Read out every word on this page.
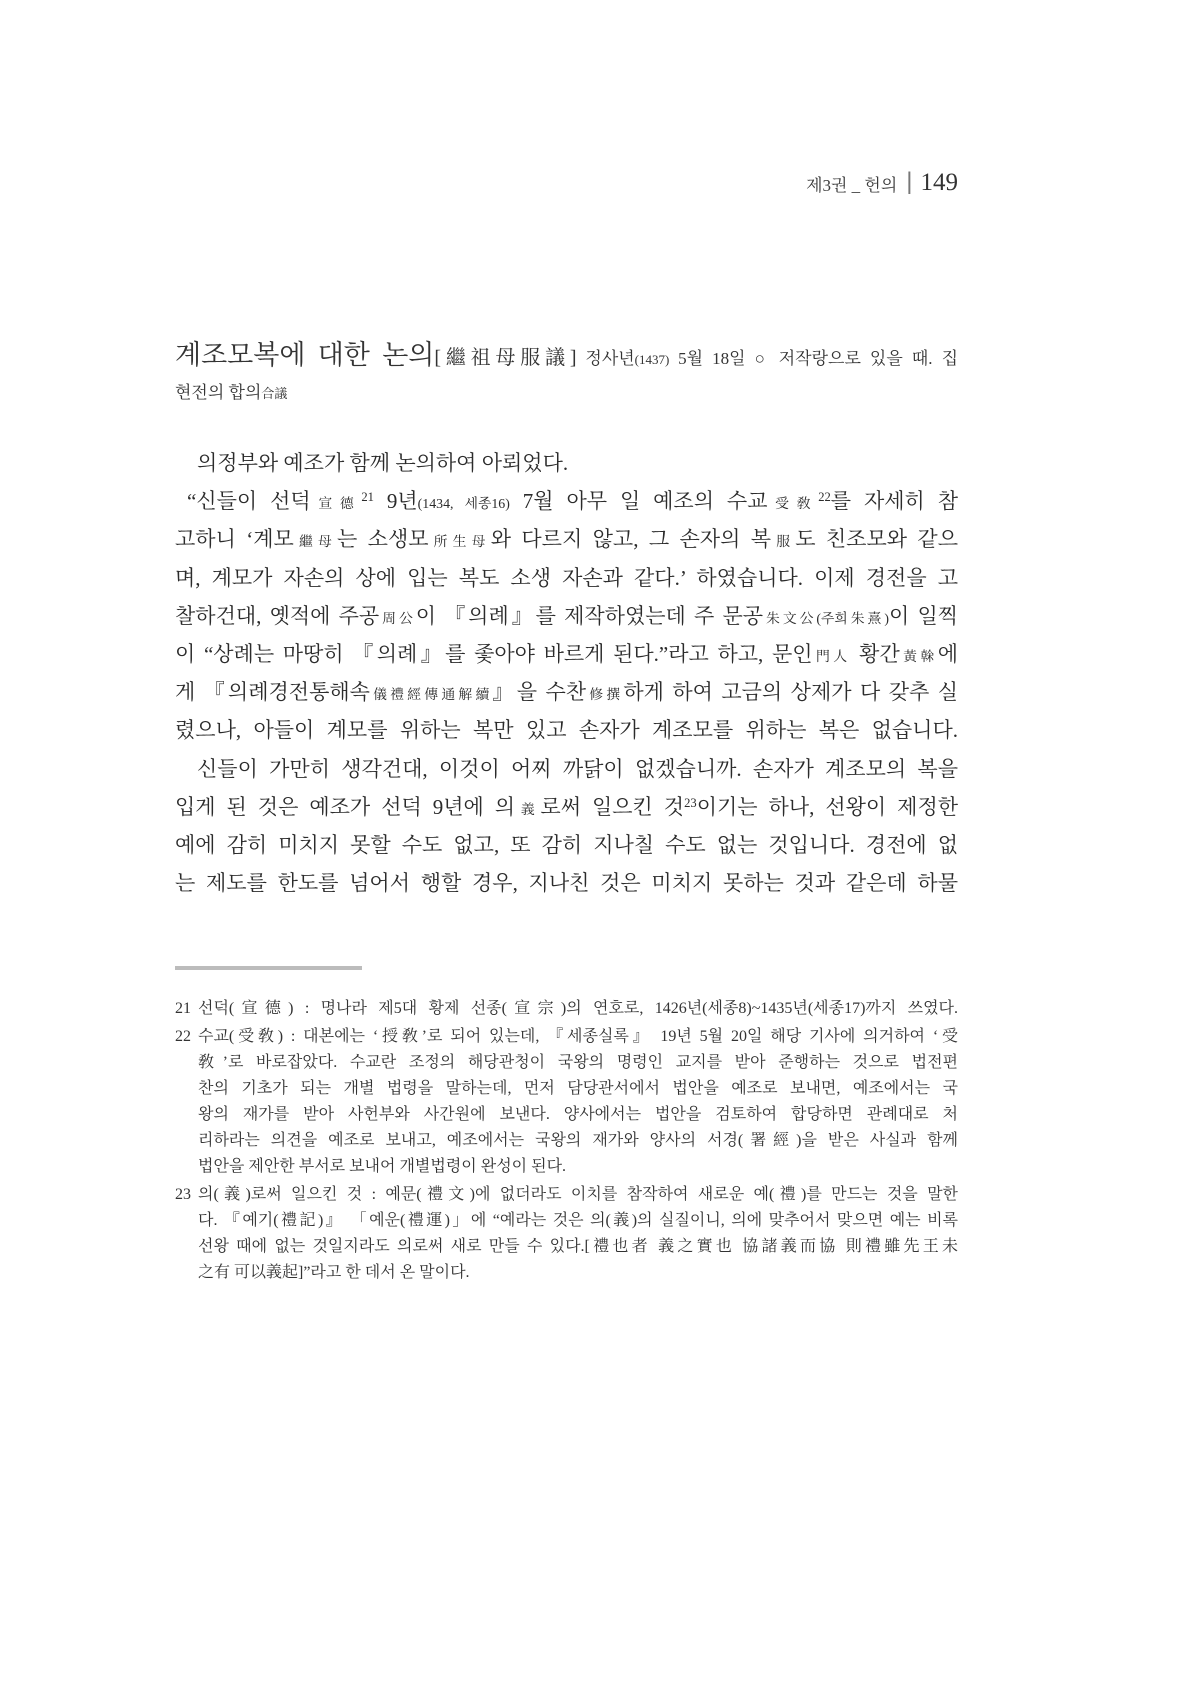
제3권 _ 헌의 | 149
계조모복에 대한 논의[繼祖母服議] 정사년(1437) 5월 18일 ○ 저작랑으로 있을 때. 집
현전의 합의合議
의정부와 예조가 함께 논의하여 아뢰었다.
“신들이 선덕宣德$^{21}$ 9년(1434, 세종16) 7월 아무 일 예조의 수교受敎$^{22}$를 자세히 참
고하니 ‘계모繼母는 소생모所生母와 다르지 않고, 그 손자의 복服도 친조모와 같으
며, 계모가 자손의 상에 입는 복도 소생 자손과 같다.’ 하였습니다. 이제 경전을 고
찰하건대, 옛적에 주공周公이 『의례』를 제작하였는데 주 문공朱文公(주희朱熹)이 일찍
이 “상례는 마땅히 『의례』를 좇아야 바르게 된다.”라고 하고, 문인門人 황간黃榦에
게 『의례경전통해속儀禮經傳通解續』을 수찬修撰하게 하여 고금의 상제가 다 갖추 실
렸으나, 아들이 계모를 위하는 복만 있고 손자가 계조모를 위하는 복은 없습니다.
신들이 가만히 생각건대, 이것이 어찌 까닭이 없겠습니까. 손자가 계조모의 복을
입게 된 것은 예조가 선덕 9년에 의義로써 일으킨 것$^{23}$이기는 하나, 선왕이 제정한
예에 감히 미치지 못할 수도 없고, 또 감히 지나칠 수도 없는 것입니다. 경전에 없
는 제도를 한도를 넘어서 행할 경우, 지나친 것은 미치지 못하는 것과 같은데 하물
21 선덕(宣德) : 명나라 제5대 황제 선종(宣宗)의 연호로, 1426년(세종8)~1435년(세종17)까지 쓰였다.
22 수교(受敎) : 대본에는 ‘授敎’로 되어 있는데, 『세종실록』 19년 5월 20일 해당 기사에 의거하여 ‘受
敎’로 바로잡았다. 수교란 조정의 해당관청이 국왕의 명령인 교지를 받아 준행하는 것으로 법전편
찬의 기초가 되는 개별 법령을 말하는데, 먼저 담당관서에서 법안을 예조로 보내면, 예조에서는 국
왕의 재가를 받아 사헌부와 사간원에 보낸다. 양사에서는 법안을 검토하여 합당하면 관례대로 처
리하라는 의견을 예조로 보내고, 예조에서는 국왕의 재가와 양사의 서경(署經)을 받은 사실과 함께
법안을 제안한 부서로 보내어 개별법령이 완성이 된다.
23 의(義)로써 일으킨 것 : 예문(禮文)에 없더라도 이치를 참작하여 새로운 예(禮)를 만드는 것을 말한
다. 『예기(禮記)』 「예운(禮運)」에 “예라는 것은 의(義)의 실질이니, 의에 맞추어서 맞으면 예는 비록
선왕 때에 없는 것일지라도 의로써 새로 만들 수 있다.[禮也者 義之實也 協諸義而協 則禮雖先王未
之有 可以義起]”라고 한 데서 온 말이다.
